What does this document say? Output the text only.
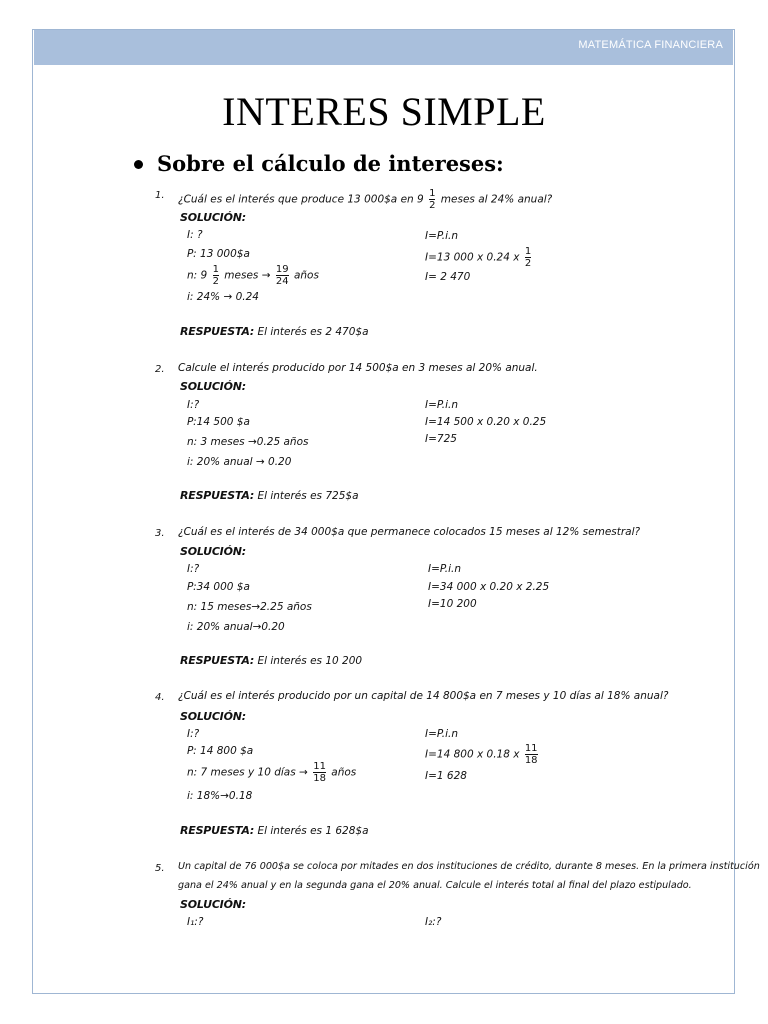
MATEMÁTICA FINANCIERA
INTERES SIMPLE
Sobre el cálculo de intereses:
1. ¿Cuál es el interés que produce 13 000$a en $9 \frac{1}{2}$ meses al 24% anual?
SOLUCIÓN:
I: ?
P: 13 000$a
n: $9 \frac{1}{2}$ meses → $\frac{19}{24}$ años
i: 24% → 0.24
I=P.i.n
I=13 000 x 0.24 x $\frac{1}{2}$
I= 2 470
RESPUESTA: El interés es 2 470$a
2. Calcule el interés producido por 14 500$a en 3 meses al 20% anual.
SOLUCIÓN:
I:?
P:14 500 $a
n: 3 meses →0.25 años
i: 20% anual → 0.20
I=P.i.n
I=14 500 x 0.20 x 0.25
I=725
RESPUESTA: El interés es 725$a
3. ¿Cuál es el interés de 34 000$a que permanece colocados 15 meses al 12% semestral?
SOLUCIÓN:
I:?
P:34 000 $a
n: 15 meses→2.25 años
i: 20% anual→0.20
I=P.i.n
I=34 000 x 0.20 x 2.25
I=10 200
RESPUESTA: El interés es 10 200
4. ¿Cuál es el interés producido por un capital de 14 800$a en 7 meses y 10 días al 18% anual?
SOLUCIÓN:
I:?
P: 14 800 $a
n: 7 meses y 10 días → $\frac{11}{18}$ años
i: 18%→0.18
I=P.i.n
I=14 800 x 0.18 x $\frac{11}{18}$
I=1 628
RESPUESTA: El interés es 1 628$a
5. Un capital de 76 000$a se coloca por mitades en dos instituciones de crédito, durante 8 meses. En la primera institución
gana el 24% anual y en la segunda gana el 20% anual. Calcule el interés total al final del plazo estipulado.
SOLUCIÓN:
I₁:?	I₂:?
